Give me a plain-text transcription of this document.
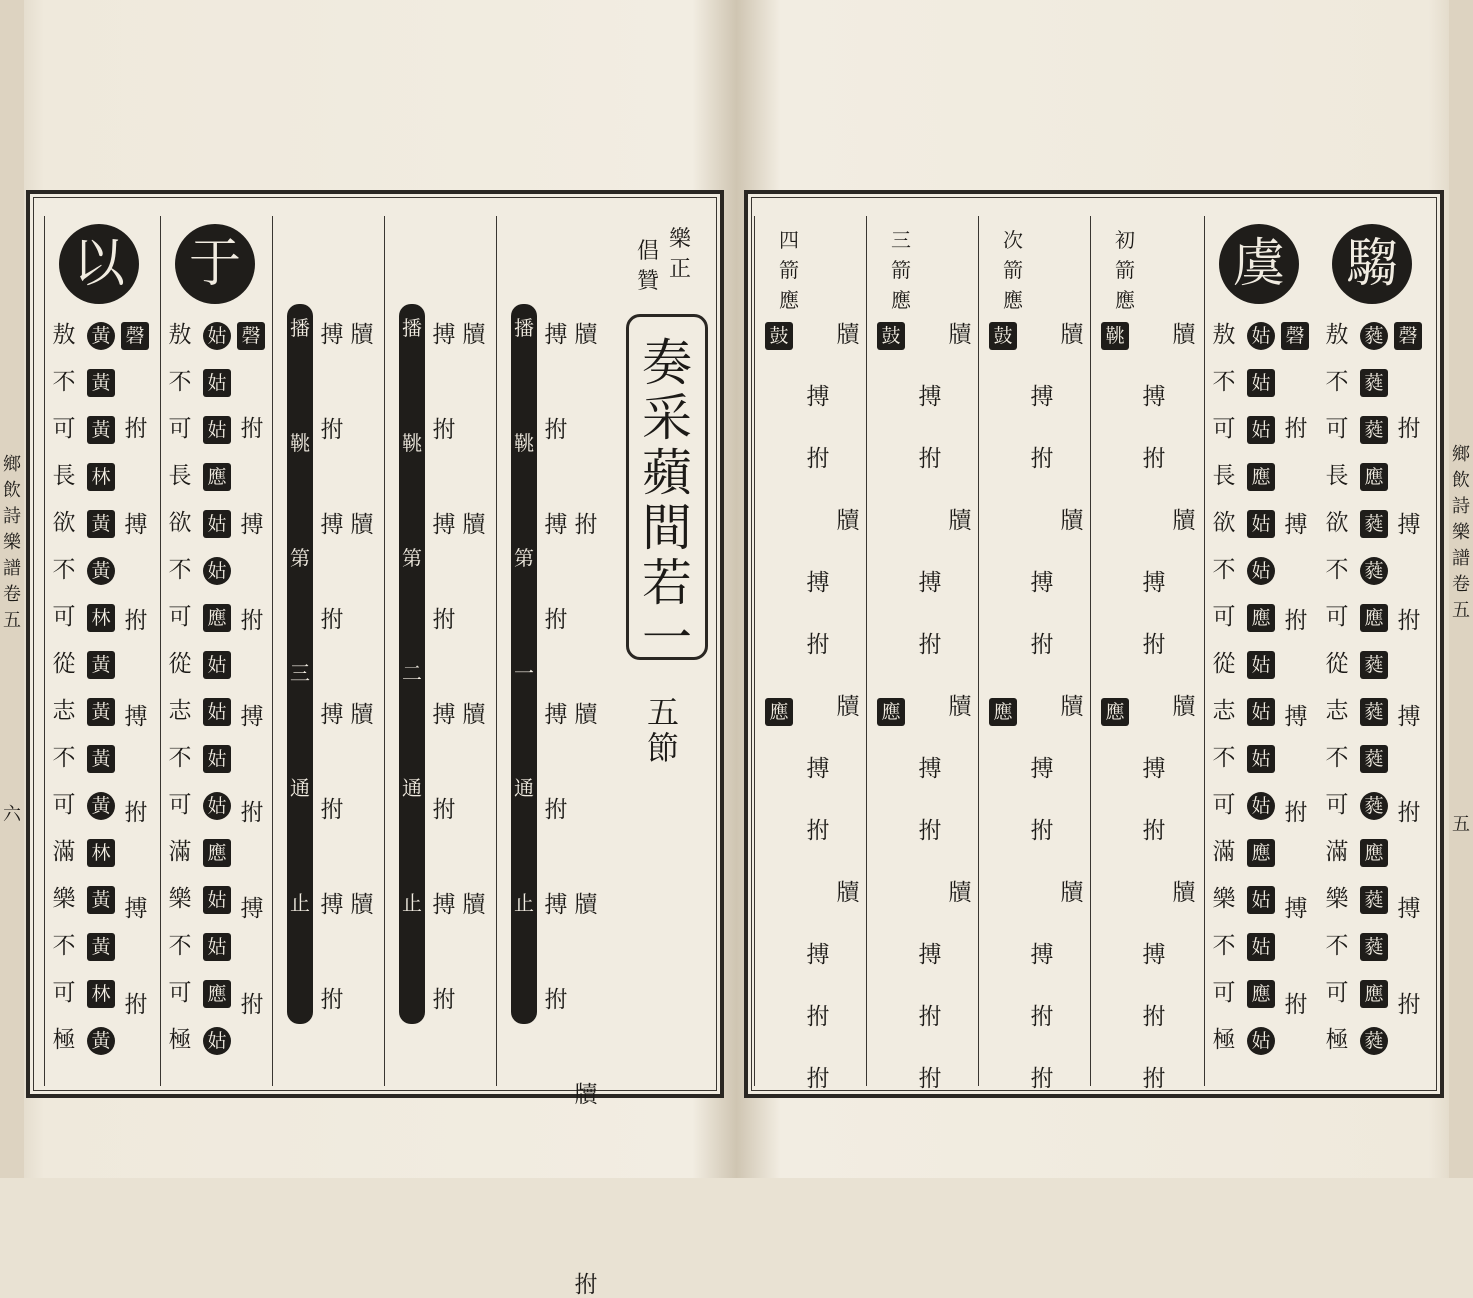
鄉
飲
詩
樂
譜
卷
五
六
鄉
飲
詩
樂
譜
卷
五
五
樂
正
倡
贊
奏
采
蘋
間
若
一
五
節
播
鞉
第
一
通
止
牘
拊
牘
牘
牘
拊
搏
拊
搏
拊
搏
拊
搏
拊
播
鞉
第
二
通
止
牘
牘
牘
牘
搏
拊
搏
拊
搏
拊
搏
拊
播
鞉
第
三
通
止
牘
牘
牘
牘
搏
拊
搏
拊
搏
拊
搏
拊
于
磬
敖
不
可
長
欲
不
可
從
志
不
可
滿
樂
不
可
極
姑
姑
姑
應
姑
姑
應
姑
姑
姑
姑
應
姑
姑
應
姑
拊
搏
拊
搏
拊
搏
拊
以
磬
敖
不
可
長
欲
不
可
從
志
不
可
滿
樂
不
可
極
黃
黃
黃
林
黃
黃
林
黃
黃
黃
黃
林
黃
黃
林
黃
拊
搏
拊
搏
拊
搏
拊
騶
磬
敖
不
可
長
欲
不
可
從
志
不
可
滿
樂
不
可
極
蕤
蕤
蕤
應
蕤
蕤
應
蕤
蕤
蕤
蕤
應
蕤
蕤
應
蕤
拊
搏
拊
搏
拊
搏
拊
虞
磬
敖
不
可
長
欲
不
可
從
志
不
可
滿
樂
不
可
極
姑
姑
姑
應
姑
姑
應
姑
姑
姑
姑
應
姑
姑
應
姑
拊
搏
拊
搏
拊
搏
拊
初
箭
應
鞉
應
牘
搏
拊
牘
搏
拊
牘
搏
拊
牘
搏
拊
拊
次
箭
應
鼓
應
牘
搏
拊
牘
搏
拊
牘
搏
拊
牘
搏
拊
拊
三
箭
應
鼓
應
牘
搏
拊
牘
搏
拊
牘
搏
拊
牘
搏
拊
拊
四
箭
應
鼓
應
牘
搏
拊
牘
搏
拊
牘
搏
拊
牘
搏
拊
拊
